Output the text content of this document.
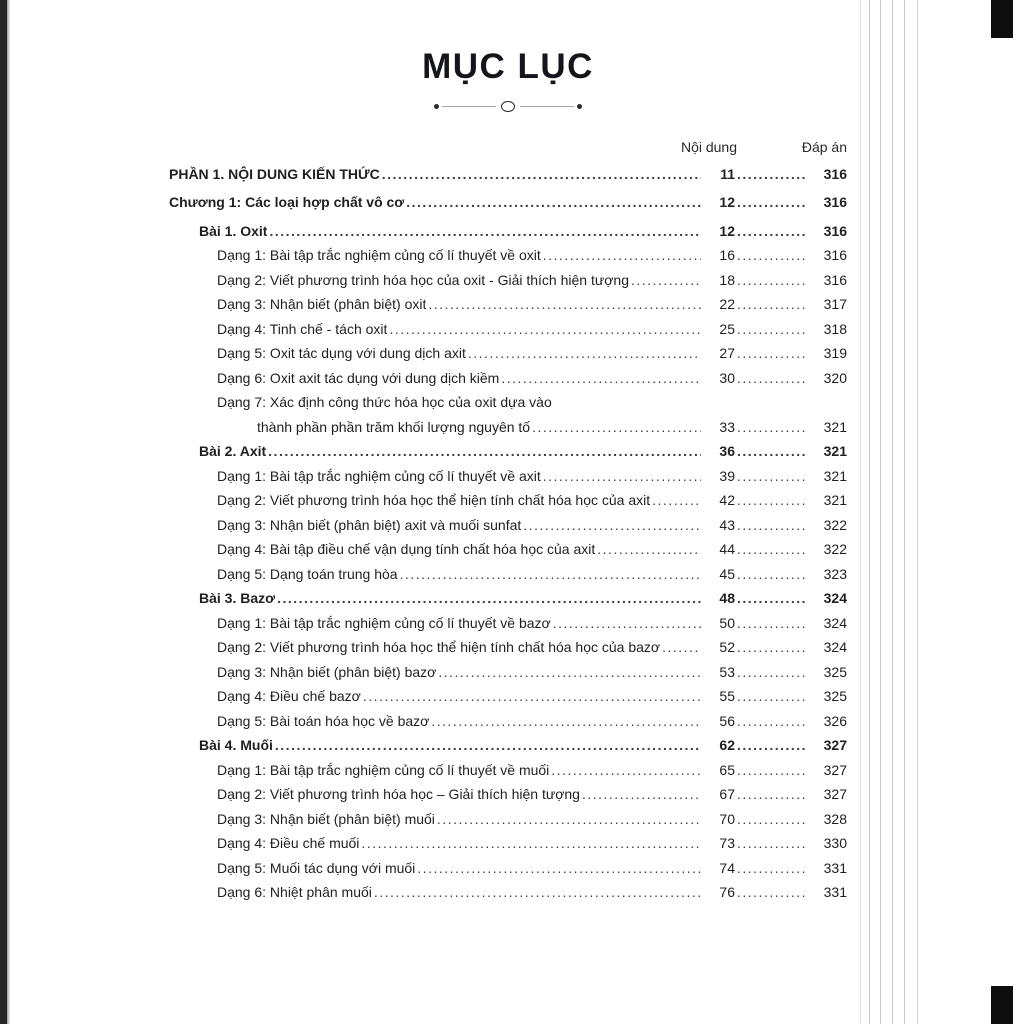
MỤC LỤC
Nội dung	Đáp án
PHẦN 1. NỘI DUNG KIẾN THỨC .....	11 .....	316
Chương 1: Các loại hợp chất vô cơ .....	12 .....	316
Bài 1. Oxit .....	12 .....	316
Dạng 1: Bài tập trắc nghiệm củng cố lí thuyết về oxit .....	16 .....	316
Dạng 2: Viết phương trình hóa học của oxit - Giải thích hiện tượng .....	18 .....	316
Dạng 3: Nhận biết (phân biệt) oxit .....	22 .....	317
Dạng 4: Tinh chế - tách oxit .....	25 .....	318
Dạng 5: Oxit tác dụng với dung dịch axit .....	27 .....	319
Dạng 6: Oxit axit tác dụng với dung dịch kiềm .....	30 .....	320
Dạng 7: Xác định công thức hóa học của oxit dựa vào
thành phần phần trăm khối lượng nguyên tố .....	33 .....	321
Bài 2. Axit .....	36 .....	321
Dạng 1: Bài tập trắc nghiệm củng cố lí thuyết về axit .....	39 .....	321
Dạng 2: Viết phương trình hóa học thể hiện tính chất hóa học của axit .....	42 .....	321
Dạng 3: Nhận biết (phân biệt) axit và muối sunfat .....	43 .....	322
Dạng 4: Bài tập điều chế vận dụng tính chất hóa học của axit .....	44 .....	322
Dạng 5: Dạng toán trung hòa .....	45 .....	323
Bài 3. Bazơ .....	48 .....	324
Dạng 1: Bài tập trắc nghiệm củng cố lí thuyết về bazơ .....	50 .....	324
Dạng 2: Viết phương trình hóa học thể hiện tính chất hóa học của bazơ .....	52 .....	324
Dạng 3: Nhận biết (phân biệt) bazơ .....	53 .....	325
Dạng 4: Điều chế bazơ .....	55 .....	325
Dạng 5: Bài toán hóa học về bazơ .....	56 .....	326
Bài 4. Muối .....	62 .....	327
Dạng 1: Bài tập trắc nghiệm củng cố lí thuyết về muối .....	65 .....	327
Dạng 2: Viết phương trình hóa học – Giải thích hiện tượng .....	67 .....	327
Dạng 3: Nhận biết (phân biệt) muối .....	70 .....	328
Dạng 4: Điều chế muối .....	73 .....	330
Dạng 5: Muối tác dụng với muối .....	74 .....	331
Dạng 6: Nhiệt phân muối .....	76 .....	331
